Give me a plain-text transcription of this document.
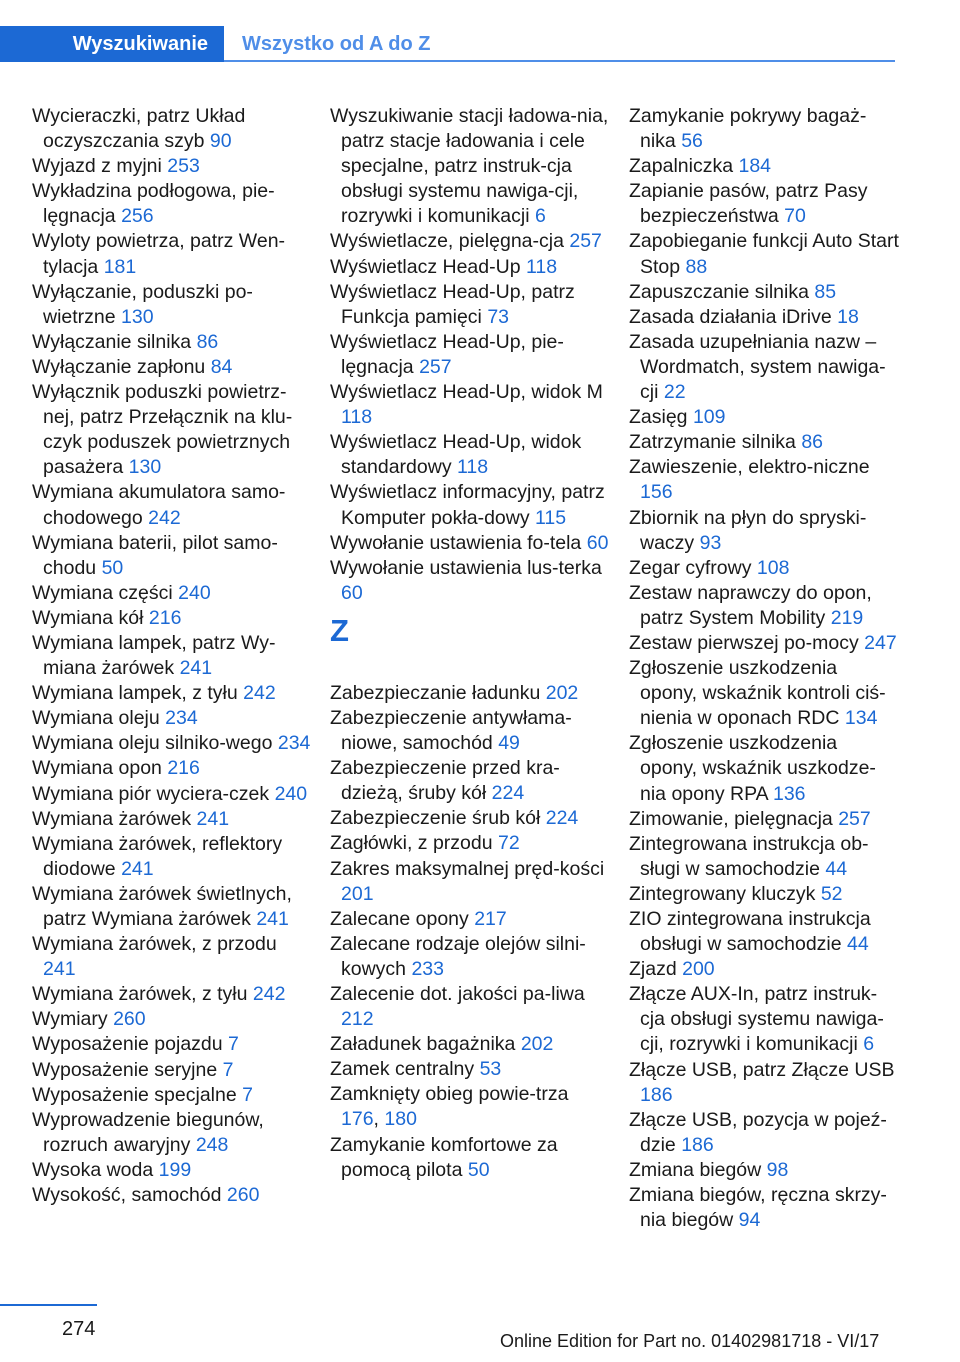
Wyszukiwanie Wszystko od A do Z
Wycieraczki, patrz Układ oczyszczania szyb 90
Wyjazd z myjni 253
Wykładzina podłogowa, pie-lęgnacja 256
Wyloty powietrza, patrz Wen-tylacja 181
Wyłączanie, poduszki po-wietrzne 130
Wyłączanie silnika 86
Wyłączanie zapłonu 84
Wyłącznik poduszki powietrz-nej, patrz Przełącznik na klu-czyk poduszek powietrznych pasażera 130
Wymiana akumulatora samo-chodowego 242
Wymiana baterii, pilot samo-chodu 50
Wymiana części 240
Wymiana kół 216
Wymiana lampek, patrz Wy-miana żarówek 241
Wymiana lampek, z tyłu 242
Wymiana oleju 234
Wymiana oleju silniko-wego 234
Wymiana opon 216
Wymiana piór wyciera-czek 240
Wymiana żarówek 241
Wymiana żarówek, reflektory diodowe 241
Wymiana żarówek świetlnych, patrz Wymiana żarówek 241
Wymiana żarówek, z przodu 241
Wymiana żarówek, z tyłu 242
Wymiary 260
Wyposażenie pojazdu 7
Wyposażenie seryjne 7
Wyposażenie specjalne 7
Wyprowadzenie biegunów, rozruch awaryjny 248
Wysoka woda 199
Wysokość, samochód 260
Wyszukiwanie stacji ładowa-nia, patrz stacje ładowania i cele specjalne, patrz instruk-cja obsługi systemu nawiga-cji, rozrywki i komunikacji 6
Wyświetlacze, pielęgna-cja 257
Wyświetlacz Head-Up 118
Wyświetlacz Head-Up, patrz Funkcja pamięci 73
Wyświetlacz Head-Up, pie-lęgnacja 257
Wyświetlacz Head-Up, widok M 118
Wyświetlacz Head-Up, widok standardowy 118
Wyświetlacz informacyjny, patrz Komputer pokła-dowy 115
Wywołanie ustawienia fo-tela 60
Wywołanie ustawienia lus-terka 60
Z
Zabezpieczanie ładunku 202
Zabezpieczenie antywłama-niowe, samochód 49
Zabezpieczenie przed kra-dzieżą, śruby kół 224
Zabezpieczenie śrub kół 224
Zagłówki, z przodu 72
Zakres maksymalnej pręd-kości 201
Zalecane opony 217
Zalecane rodzaje olejów silni-kowych 233
Zalecenie dot. jakości pa-liwa 212
Załadunek bagażnika 202
Zamek centralny 53
Zamknięty obieg powie-trza 176, 180
Zamykanie komfortowe za pomocą pilota 50
Zamykanie pokrywy bagaż-nika 56
Zapalniczka 184
Zapianie pasów, patrz Pasy bezpieczeństwa 70
Zapobieganie funkcji Auto Start Stop 88
Zapuszczanie silnika 85
Zasada działania iDrive 18
Zasada uzupełniania nazw – Wordmatch, system nawiga-cji 22
Zasięg 109
Zatrzymanie silnika 86
Zawieszenie, elektro-niczne 156
Zbiornik na płyn do spryski-waczy 93
Zegar cyfrowy 108
Zestaw naprawczy do opon, patrz System Mobility 219
Zestaw pierwszej po-mocy 247
Zgłoszenie uszkodzenia opony, wskaźnik kontroli ciś-nienia w oponach RDC 134
Zgłoszenie uszkodzenia opony, wskaźnik uszkodze-nia opony RPA 136
Zimowanie, pielęgnacja 257
Zintegrowana instrukcja ob-sługi w samochodzie 44
Zintegrowany kluczyk 52
ZIO zintegrowana instrukcja obsługi w samochodzie 44
Zjazd 200
Złącze AUX-In, patrz instruk-cja obsługi systemu nawiga-cji, rozrywki i komunikacji 6
Złącze USB, patrz Złącze USB 186
Złącze USB, pozycja w pojeź-dzie 186
Zmiana biegów 98
Zmiana biegów, ręczna skrzy-nia biegów 94
274
Online Edition for Part no. 01402981718 - VI/17
